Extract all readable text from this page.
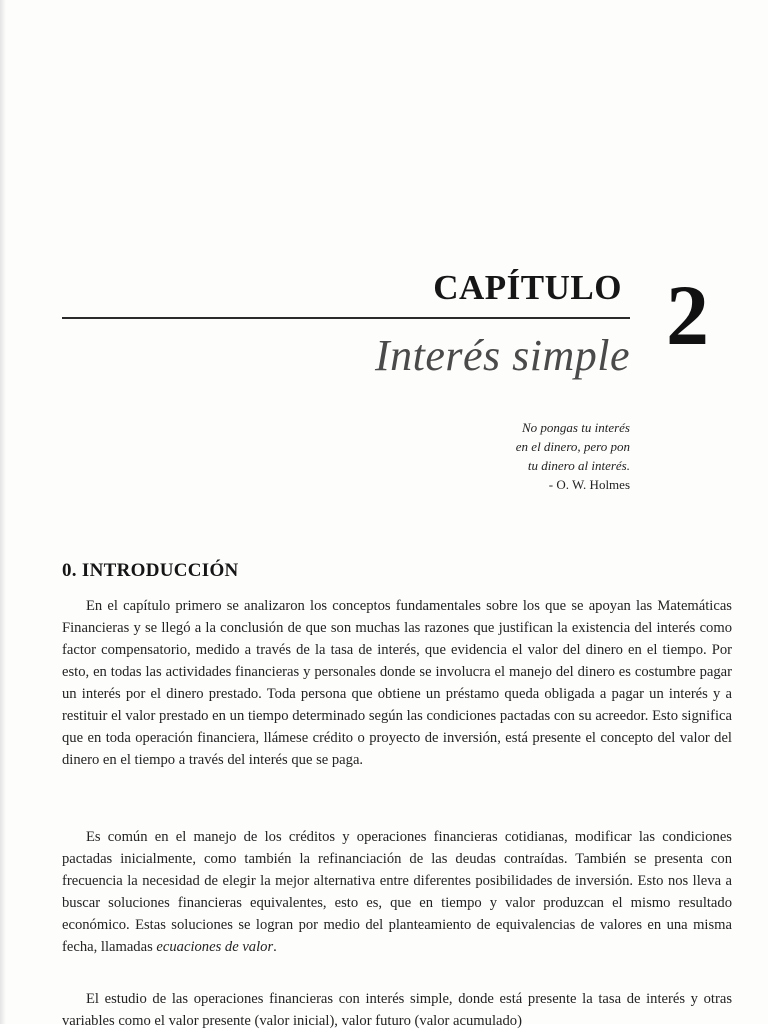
CAPÍTULO 2
Interés simple
No pongas tu interés
en el dinero, pero pon
tu dinero al interés.
- O. W. Holmes
0. INTRODUCCIÓN

En el capítulo primero se analizaron los conceptos fundamentales sobre los que se apoyan las Matemáticas Financieras y se llegó a la conclusión de que son muchas las razones que justifican la existencia del interés como factor compensatorio, medido a través de la tasa de interés, que evidencia el valor del dinero en el tiempo. Por esto, en todas las actividades financieras y personales donde se involucra el manejo del dinero es costumbre pagar un interés por el dinero prestado. Toda persona que obtiene un préstamo queda obligada a pagar un interés y a restituir el valor prestado en un tiempo determinado según las condiciones pactadas con su acreedor. Esto significa que en toda operación financiera, llámese crédito o proyecto de inversión, está presente el concepto del valor del dinero en el tiempo a través del interés que se paga.

Es común en el manejo de los créditos y operaciones financieras cotidianas, modificar las condiciones pactadas inicialmente, como también la refinanciación de las deudas contraídas. También se presenta con frecuencia la necesidad de elegir la mejor alternativa entre diferentes posibilidades de inversión. Esto nos lleva a buscar soluciones financieras equivalentes, esto es, que en tiempo y valor produzcan el mismo resultado económico. Estas soluciones se logran por medio del planteamiento de equivalencias de valores en una misma fecha, llamadas ecuaciones de valor.

El estudio de las operaciones financieras con interés simple, donde está presente la tasa de interés y otras variables como el valor presente (valor inicial), valor futuro (valor acumulado)
